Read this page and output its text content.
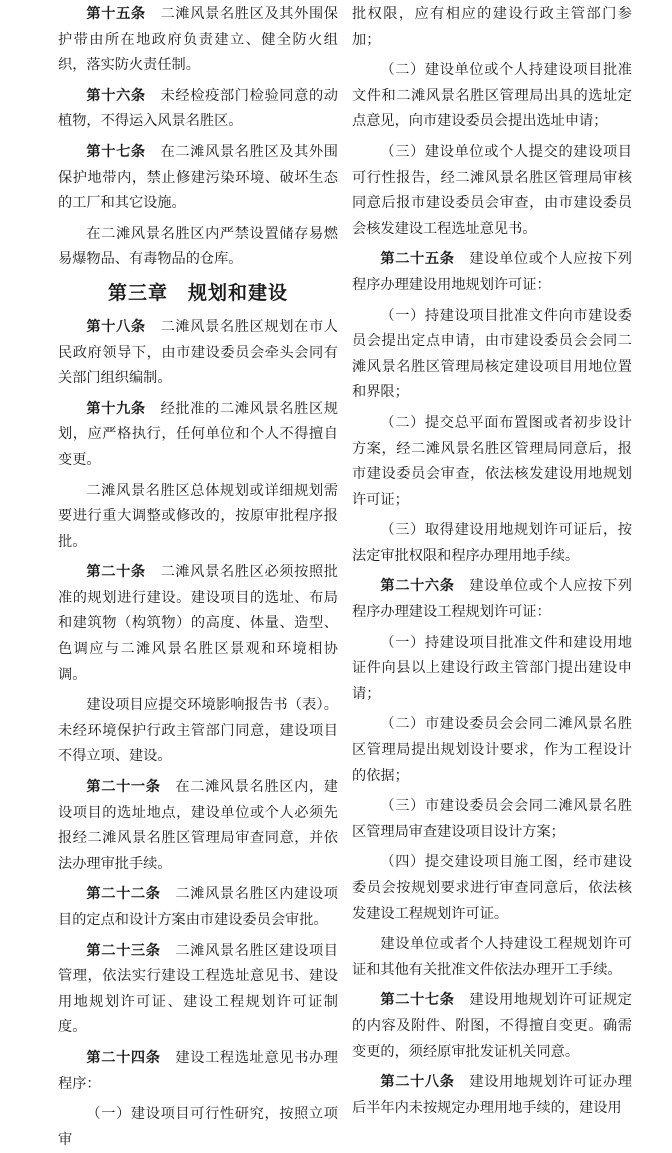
第十五条　 二滩风景名胜区及其外围保护带由所在地政府负责建立、健全防火组织，落实防火责任制。

第十六条　 未经检疫部门检验同意的动植物，不得运入风景名胜区。

第十七条　 在二滩风景名胜区及其外围保护地带内，禁止修建污染环境、破坏生态的工厂和其它设施。

在二滩风景名胜区内严禁设置储存易燃易爆物品、有毒物品的仓库。

第三章 规划和建设

第十八条　 二滩风景名胜区规划在市人民政府领导下，由市建设委员会牵头会同有关部门组织编制。

第十九条　 经批准的二滩风景名胜区规划，应严格执行，任何单位和个人不得擅自变更。

二滩风景名胜区总体规划或详细规划需要进行重大调整或修改的，按原审批程序报批。

第二十条　 二滩风景名胜区必须按照批准的规划进行建设。建设项目的选址、布局和建筑物（构筑物）的高度、体量、造型、色调应与二滩风景名胜区景观和环境相协调。

建设项目应提交环境影响报告书（表）。未经环境保护行政主管部门同意，建设项目不得立项、建设。

第二十一条　 在二滩风景名胜区内，建设项目的选址地点，建设单位或个人必须先报经二滩风景名胜区管理局审查同意，并依法办理审批手续。

第二十二条　 二滩风景名胜区内建设项目的定点和设计方案由市建设委员会审批。

第二十三条　 二滩风景名胜区建设项目管理，依法实行建设工程选址意见书、建设用地规划许可证、建设工程规划许可证制度。

第二十四条　 建设工程选址意见书办理程序：

（一）建设项目可行性研究，按照立项审

批权限，应有相应的建设行政主管部门参加；

（二）建设单位或个人持建设项目批准文件和二滩风景名胜区管理局出具的选址定点意见，向市建设委员会提出选址申请；

（三）建设单位或个人提交的建设项目可行性报告，经二滩风景名胜区管理局审核同意后报市建设委员会审查，由市建设委员会核发建设工程选址意见书。

第二十五条　 建设单位或个人应按下列程序办理建设用地规划许可证：

（一）持建设项目批准文件向市建设委员会提出定点申请，由市建设委员会会同二滩风景名胜区管理局核定建设项目用地位置和界限；

（二）提交总平面布置图或者初步设计方案，经二滩风景名胜区管理局同意后，报市建设委员会审查，依法核发建设用地规划许可证；

（三）取得建设用地规划许可证后，按法定审批权限和程序办理用地手续。

第二十六条　 建设单位或个人应按下列程序办理建设工程规划许可证：

（一）持建设项目批准文件和建设用地证件向县以上建设行政主管部门提出建设申请；

（二）市建设委员会会同二滩风景名胜区管理局提出规划设计要求，作为工程设计的依据；

（三）市建设委员会会同二滩风景名胜区管理局审查建设项目设计方案；

（四）提交建设项目施工图，经市建设委员会按规划要求进行审查同意后，依法核发建设工程规划许可证。

建设单位或者个人持建设工程规划许可证和其他有关批准文件依法办理开工手续。

第二十七条　 建设用地规划许可证规定的内容及附件、附图，不得擅自变更。确需变更的，须经原审批发证机关同意。

第二十八条　 建设用地规划许可证办理后半年内未按规定办理用地手续的，建设用
